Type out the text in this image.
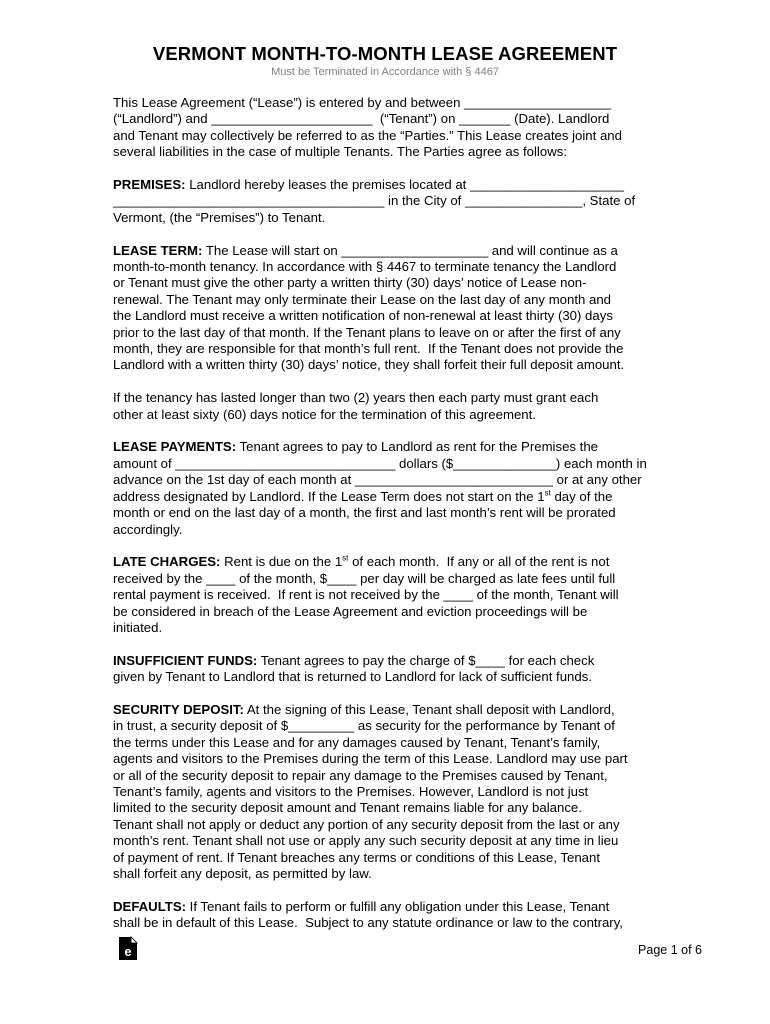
VERMONT MONTH-TO-MONTH LEASE AGREEMENT
Must be Terminated in Accordance with § 4467
This Lease Agreement (“Lease”) is entered by and between ____________________
(“Landlord”) and ______________________  (“Tenant”) on _______ (Date). Landlord
and Tenant may collectively be referred to as the “Parties.” This Lease creates joint and
several liabilities in the case of multiple Tenants. The Parties agree as follows:
PREMISES: Landlord hereby leases the premises located at _____________________
_____________________________________ in the City of ________________, State of
Vermont, (the “Premises”) to Tenant.
LEASE TERM: The Lease will start on ____________________ and will continue as a
month-to-month tenancy. In accordance with § 4467 to terminate tenancy the Landlord
or Tenant must give the other party a written thirty (30) days’ notice of Lease non-
renewal. The Tenant may only terminate their Lease on the last day of any month and
the Landlord must receive a written notification of non-renewal at least thirty (30) days
prior to the last day of that month. If the Tenant plans to leave on or after the first of any
month, they are responsible for that month’s full rent.  If the Tenant does not provide the
Landlord with a written thirty (30) days’ notice, they shall forfeit their full deposit amount.
If the tenancy has lasted longer than two (2) years then each party must grant each
other at least sixty (60) days notice for the termination of this agreement.
LEASE PAYMENTS: Tenant agrees to pay to Landlord as rent for the Premises the
amount of ______________________________ dollars ($______________) each month in
advance on the 1st day of each month at ___________________________ or at any other
address designated by Landlord. If the Lease Term does not start on the 1st day of the
month or end on the last day of a month, the first and last month’s rent will be prorated
accordingly.
LATE CHARGES: Rent is due on the 1st of each month.  If any or all of the rent is not
received by the ____ of the month, $____ per day will be charged as late fees until full
rental payment is received.  If rent is not received by the ____ of the month, Tenant will
be considered in breach of the Lease Agreement and eviction proceedings will be
initiated.
INSUFFICIENT FUNDS: Tenant agrees to pay the charge of $____ for each check
given by Tenant to Landlord that is returned to Landlord for lack of sufficient funds.
SECURITY DEPOSIT: At the signing of this Lease, Tenant shall deposit with Landlord,
in trust, a security deposit of $_________ as security for the performance by Tenant of
the terms under this Lease and for any damages caused by Tenant, Tenant’s family,
agents and visitors to the Premises during the term of this Lease. Landlord may use part
or all of the security deposit to repair any damage to the Premises caused by Tenant,
Tenant’s family, agents and visitors to the Premises. However, Landlord is not just
limited to the security deposit amount and Tenant remains liable for any balance.
Tenant shall not apply or deduct any portion of any security deposit from the last or any
month’s rent. Tenant shall not use or apply any such security deposit at any time in lieu
of payment of rent. If Tenant breaches any terms or conditions of this Lease, Tenant
shall forfeit any deposit, as permitted by law.
DEFAULTS: If Tenant fails to perform or fulfill any obligation under this Lease, Tenant
shall be in default of this Lease.  Subject to any statute ordinance or law to the contrary,
e	Page 1 of 6
